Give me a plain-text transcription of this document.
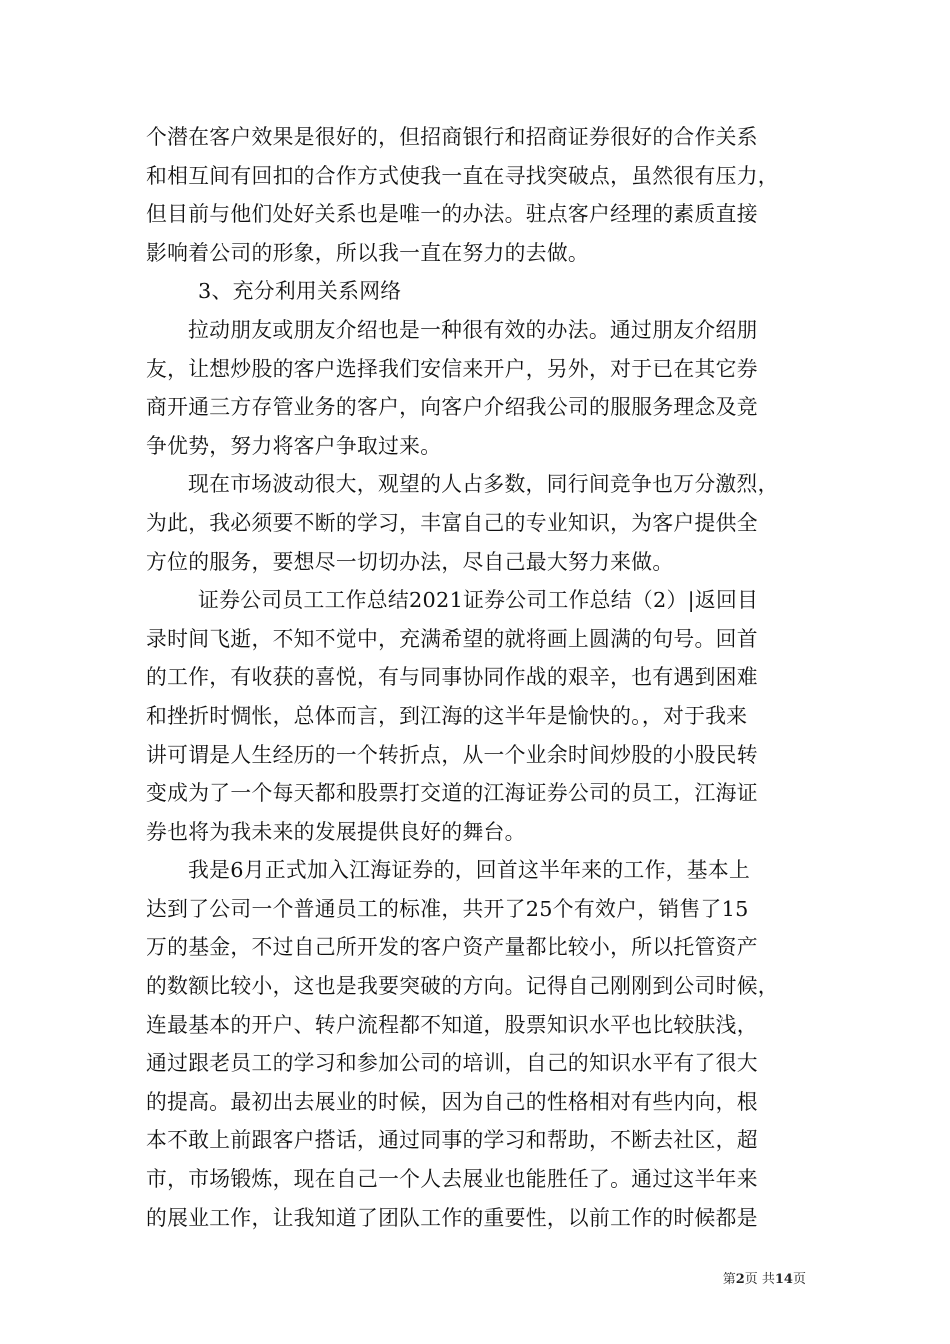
个潜在客户效果是很好的，但招商银行和招商证券很好的合作关系
和相互间有回扣的合作方式使我一直在寻找突破点，虽然很有压力，
但目前与他们处好关系也是唯一的办法。驻点客户经理的素质直接
影响着公司的形象，所以我一直在努力的去做。
3、充分利用关系网络
拉动朋友或朋友介绍也是一种很有效的办法。通过朋友介绍朋
友，让想炒股的客户选择我们安信来开户，另外，对于已在其它券
商开通三方存管业务的客户，向客户介绍我公司的服服务理念及竞
争优势，努力将客户争取过来。
现在市场波动很大，观望的人占多数，同行间竞争也万分激烈，
为此，我必须要不断的学习，丰富自己的专业知识，为客户提供全
方位的服务，要想尽一切切办法，尽自己最大努力来做。
证券公司员工工作总结2021证券公司工作总结（2）|返回目
录时间飞逝，不知不觉中，充满希望的就将画上圆满的句号。回首
的工作，有收获的喜悦，有与同事协同作战的艰辛，也有遇到困难
和挫折时惆怅，总体而言，到江海的这半年是愉快的。，对于我来
讲可谓是人生经历的一个转折点，从一个业余时间炒股的小股民转
变成为了一个每天都和股票打交道的江海证券公司的员工，江海证
券也将为我未来的发展提供良好的舞台。
我是6月正式加入江海证券的，回首这半年来的工作，基本上
达到了公司一个普通员工的标准，共开了25个有效户，销售了15
万的基金，不过自己所开发的客户资产量都比较小，所以托管资产
的数额比较小，这也是我要突破的方向。记得自己刚刚到公司时候，
连最基本的开户、转户流程都不知道，股票知识水平也比较肤浅，
通过跟老员工的学习和参加公司的培训，自己的知识水平有了很大
的提高。最初出去展业的时候，因为自己的性格相对有些内向，根
本不敢上前跟客户搭话，通过同事的学习和帮助，不断去社区，超
市，市场锻炼，现在自己一个人去展业也能胜任了。通过这半年来
的展业工作，让我知道了团队工作的重要性，以前工作的时候都是
第2页 共14页
